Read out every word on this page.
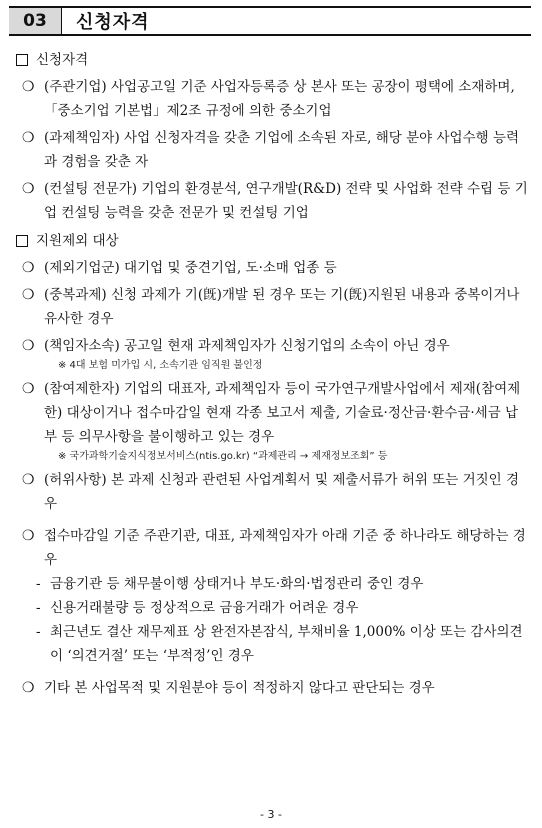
03	신청자격
신청자격
❍ (주관기업) 사업공고일 기준 사업자등록증 상 본사 또는 공장이 평택에 소재하며,「중소기업 기본법」제2조 규정에 의한 중소기업
❍ (과제책임자) 사업 신청자격을 갖춘 기업에 소속된 자로, 해당 분야 사업수행 능력과 경험을 갖춘 자
❍ (컨설팅 전문가) 기업의 환경분석, 연구개발(R&D) 전략 및 사업화 전략 수립 등 기업 컨설팅 능력을 갖춘 전문가 및 컨설팅 기업
지원제외 대상
❍ (제외기업군) 대기업 및 중견기업, 도·소매 업종 등
❍ (중복과제) 신청 과제가 기(旣)개발 된 경우 또는 기(旣)지원된 내용과 중복이거나 유사한 경우
❍ (책임자소속) 공고일 현재 과제책임자가 신청기업의 소속이 아닌 경우
※ 4대 보험 미가입 시, 소속기관 임직원 불인정
❍ (참여제한자) 기업의 대표자, 과제책임자 등이 국가연구개발사업에서 제재(참여제한) 대상이거나 접수마감일 현재 각종 보고서 제출, 기술료·정산금·환수금·세금 납부 등 의무사항을 불이행하고 있는 경우
※ 국가과학기술지식정보서비스(ntis.go.kr) “과제관리 → 제재정보조회” 등
❍ (허위사항) 본 과제 신청과 관련된 사업계획서 및 제출서류가 허위 또는 거짓인 경우
❍ 접수마감일 기준 주관기관, 대표, 과제책임자가 아래 기준 중 하나라도 해당하는 경우
- 금융기관 등 채무불이행 상태거나 부도·화의·법정관리 중인 경우
- 신용거래불량 등 정상적으로 금융거래가 어려운 경우
- 최근년도 결산 재무제표 상 완전자본잠식, 부채비율 1,000% 이상 또는 감사의견이 ‘의견거절’ 또는 ‘부적정’인 경우
❍ 기타 본 사업목적 및 지원분야 등이 적정하지 않다고 판단되는 경우
- 3 -
